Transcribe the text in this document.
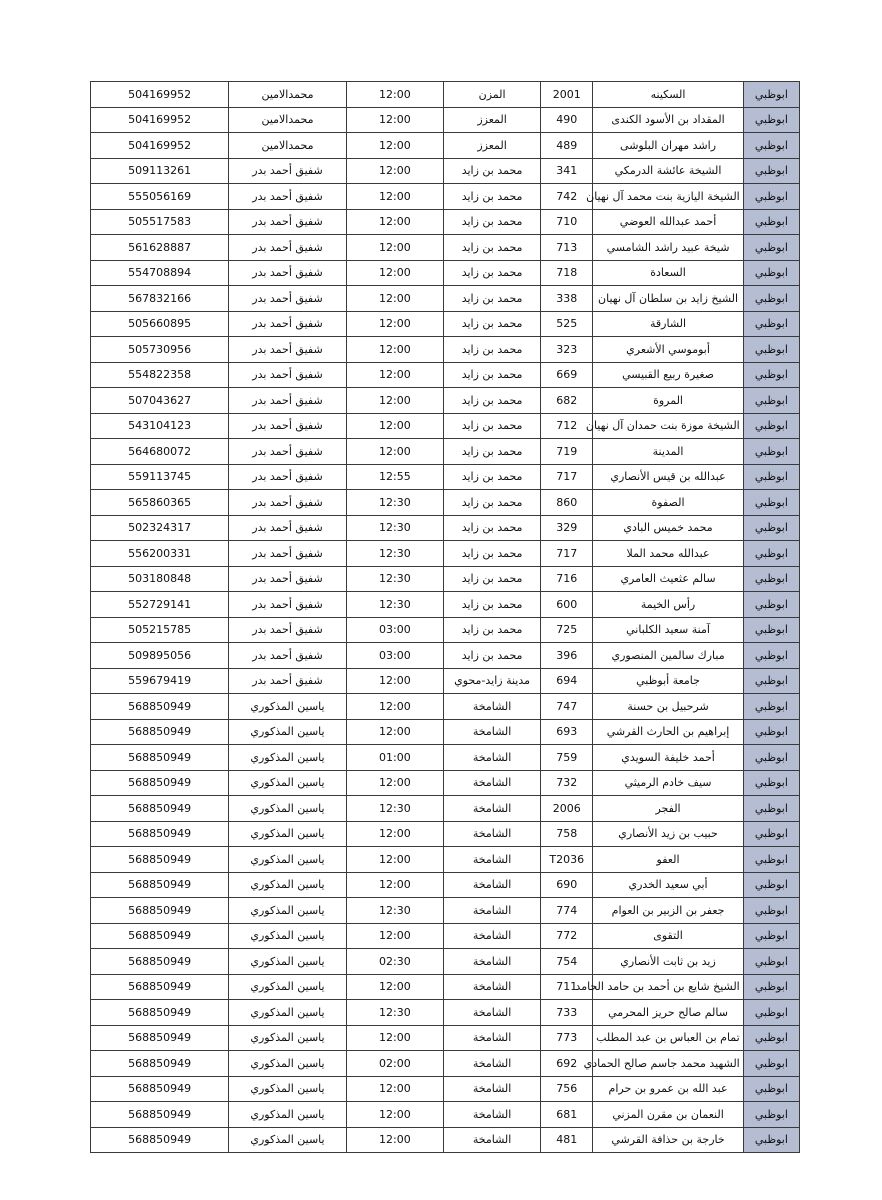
ابوظبي	السكينه	2001	المزن	12:00	محمدالامين	504169952
ابوظبي	المقداد بن الأسود الكندى	490	المعزز	12:00	محمدالامين	504169952
ابوظبي	راشد مهران البلوشى	489	المعزز	12:00	محمدالامين	504169952
ابوظبي	الشيخة عائشة الدرمكي	341	محمد بن زايد	12:00	شفيق أحمد بدر	509113261
ابوظبي	الشيخة اليازية بنت محمد آل نهيان	742	محمد بن زايد	12:00	شفيق أحمد بدر	555056169
ابوظبي	أحمد عبدالله العوضي	710	محمد بن زايد	12:00	شفيق أحمد بدر	505517583
ابوظبي	شيخة عبيد راشد الشامسي	713	محمد بن زايد	12:00	شفيق أحمد بدر	561628887
ابوظبي	السعادة	718	محمد بن زايد	12:00	شفيق أحمد بدر	554708894
ابوظبي	الشيخ زايد بن سلطان آل نهيان	338	محمد بن زايد	12:00	شفيق أحمد بدر	567832166
ابوظبي	الشارقة	525	محمد بن زايد	12:00	شفيق أحمد بدر	505660895
ابوظبي	أبوموسي الأشعري	323	محمد بن زايد	12:00	شفيق أحمد بدر	505730956
ابوظبي	صغيرة ربيع القبيسي	669	محمد بن زايد	12:00	شفيق أحمد بدر	554822358
ابوظبي	المروة	682	محمد بن زايد	12:00	شفيق أحمد بدر	507043627
ابوظبي	الشيخة موزة بنت حمدان آل نهيان	712	محمد بن زايد	12:00	شفيق أحمد بدر	543104123
ابوظبي	المدينة	719	محمد بن زايد	12:00	شفيق أحمد بدر	564680072
ابوظبي	عبدالله بن قيس الأنصاري	717	محمد بن زايد	12:55	شفيق أحمد بدر	559113745
ابوظبي	الصفوة	860	محمد بن زايد	12:30	شفيق أحمد بدر	565860365
ابوظبي	محمد خميس البادي	329	محمد بن زايد	12:30	شفيق أحمد بدر	502324317
ابوظبي	عبدالله محمد الملا	717	محمد بن زايد	12:30	شفيق أحمد بدر	556200331
ابوظبي	سالم عثعيث العامري	716	محمد بن زايد	12:30	شفيق أحمد بدر	503180848
ابوظبي	رأس الخيمة	600	محمد بن زايد	12:30	شفيق أحمد بدر	552729141
ابوظبي	آمنة سعيد الكلباني	725	محمد بن زايد	03:00	شفيق أحمد بدر	505215785
ابوظبي	مبارك سالمين المنصوري	396	محمد بن زايد	03:00	شفيق أحمد بدر	509895056
ابوظبي	جامعة أبوظبي	694	مدينة زايد-محوي	12:00	شفيق أحمد بدر	559679419
ابوظبي	شرحبيل بن حسنة	747	الشامخة	12:00	ياسين المذكوري	568850949
ابوظبي	إبراهيم بن الحارث القرشي	693	الشامخة	12:00	ياسين المذكوري	568850949
ابوظبي	أحمد خليفة السويدي	759	الشامخة	01:00	ياسين المذكوري	568850949
ابوظبي	سيف خادم الرميثي	732	الشامخة	12:00	ياسين المذكوري	568850949
ابوظبي	الفجر	2006	الشامخة	12:30	ياسين المذكوري	568850949
ابوظبي	حبيب بن زيد الأنصاري	758	الشامخة	12:00	ياسين المذكوري	568850949
ابوظبي	العفو	T2036	الشامخة	12:00	ياسين المذكوري	568850949
ابوظبي	أبي سعيد الخدري	690	الشامخة	12:00	ياسين المذكوري	568850949
ابوظبي	جعفر بن الزبير بن العوام	774	الشامخة	12:30	ياسين المذكوري	568850949
ابوظبي	التقوى	772	الشامخة	12:00	ياسين المذكوري	568850949
ابوظبي	زيد بن ثابت الأنصاري	754	الشامخة	02:30	ياسين المذكوري	568850949
ابوظبي	الشيخ شايع بن أحمد بن حامد الحامد	711	الشامخة	12:00	ياسين المذكوري	568850949
ابوظبي	سالم صالح حريز المحرمي	733	الشامخة	12:30	ياسين المذكوري	568850949
ابوظبي	تمام بن العباس بن عبد المطلب	773	الشامخة	12:00	ياسين المذكوري	568850949
ابوظبي	الشهيد محمد جاسم صالح الحمادي	692	الشامخة	02:00	ياسين المذكوري	568850949
ابوظبي	عبد الله بن عمرو بن حرام	756	الشامخة	12:00	ياسين المذكوري	568850949
ابوظبي	النعمان بن مقرن المزني	681	الشامخة	12:00	ياسين المذكوري	568850949
ابوظبي	خارجة بن حذافة القرشي	481	الشامخة	12:00	ياسين المذكوري	568850949
